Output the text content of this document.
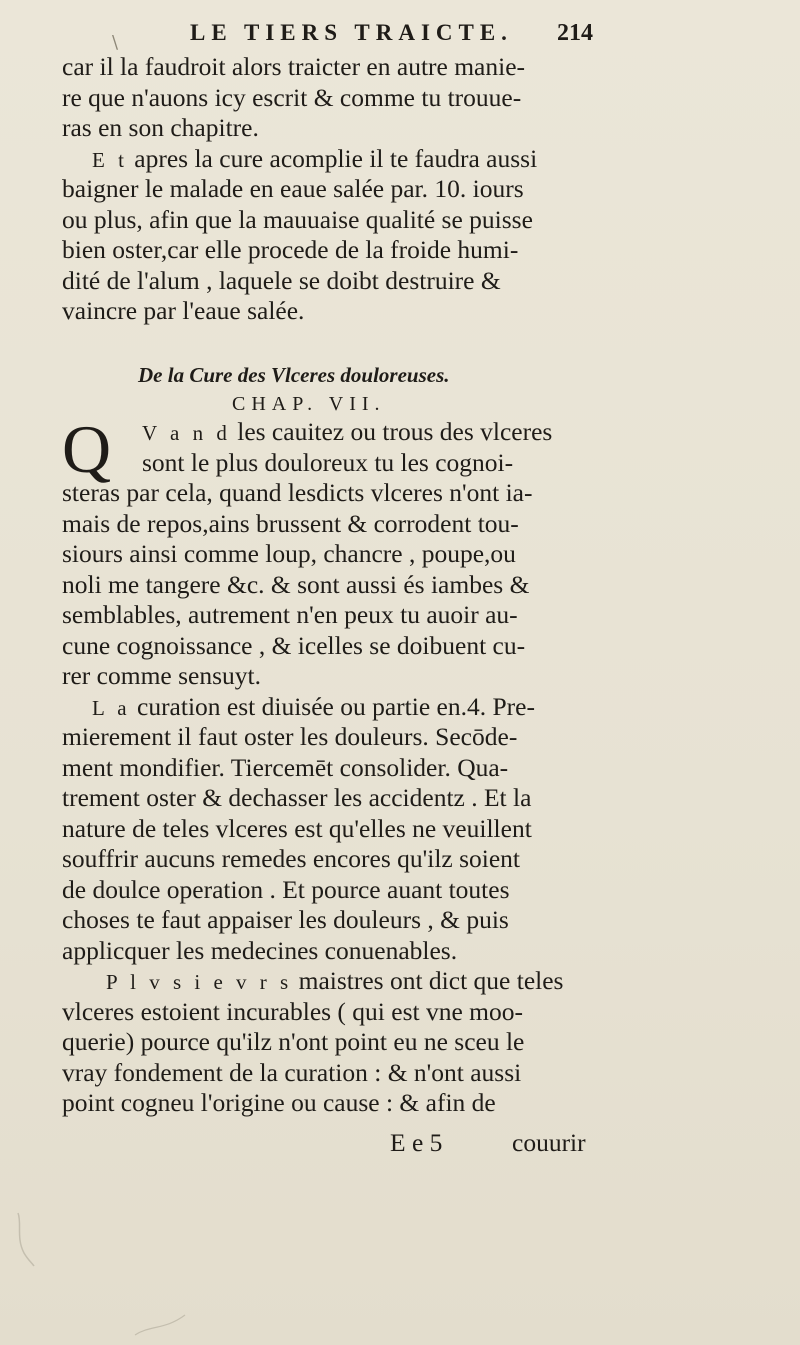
\	LE TIERS TRAICTE. 214
car il la faudroit alors traicter en autre manie-
re que n'auons icy escrit & comme tu trouue-
ras en son chapitre.
E t apres la cure acomplie il te faudra aussi
baigner le malade en eaue salée par. 10. iours
ou plus, afin que la mauuaise qualité se puisse
bien oster,car elle procede de la froide humi-
dité de l'alum , laquele se doibt destruire &
vaincre par l'eaue salée.
De la Cure des Vlceres douloreuses.
CHAP. VII.
Q	V a n d les cauitez ou trous des vlceres
sont le plus douloreux tu les cognoi-
steras par cela, quand lesdicts vlceres n'ont ia-
mais de repos,ains brussent & corrodent tou-
siours ainsi comme loup, chancre , poupe,ou
noli me tangere &c. & sont aussi és iambes &
semblables, autrement n'en peux tu auoir au-
cune cognoissance , & icelles se doibuent cu-
rer comme sensuyt.
L a curation est diuisée ou partie en.4. Pre-
mierement il faut oster les douleurs. Secōde-
ment mondifier. Tiercemēt consolider. Qua-
trement oster & dechasser les accidentz . Et la
nature de teles vlceres est qu'elles ne veuillent
souffrir aucuns remedes encores qu'ilz soient
de doulce operation . Et pource auant toutes
choses te faut appaiser les douleurs , & puis
applicquer les medecines conuenables.
P l v s i e v r s maistres ont dict que teles
vlceres estoient incurables ( qui est vne moo-
querie) pource qu'ilz n'ont point eu ne sceu le
vray fondement de la curation : & n'ont aussi
point cogneu l'origine ou cause : & afin de
E e 5	couurir
